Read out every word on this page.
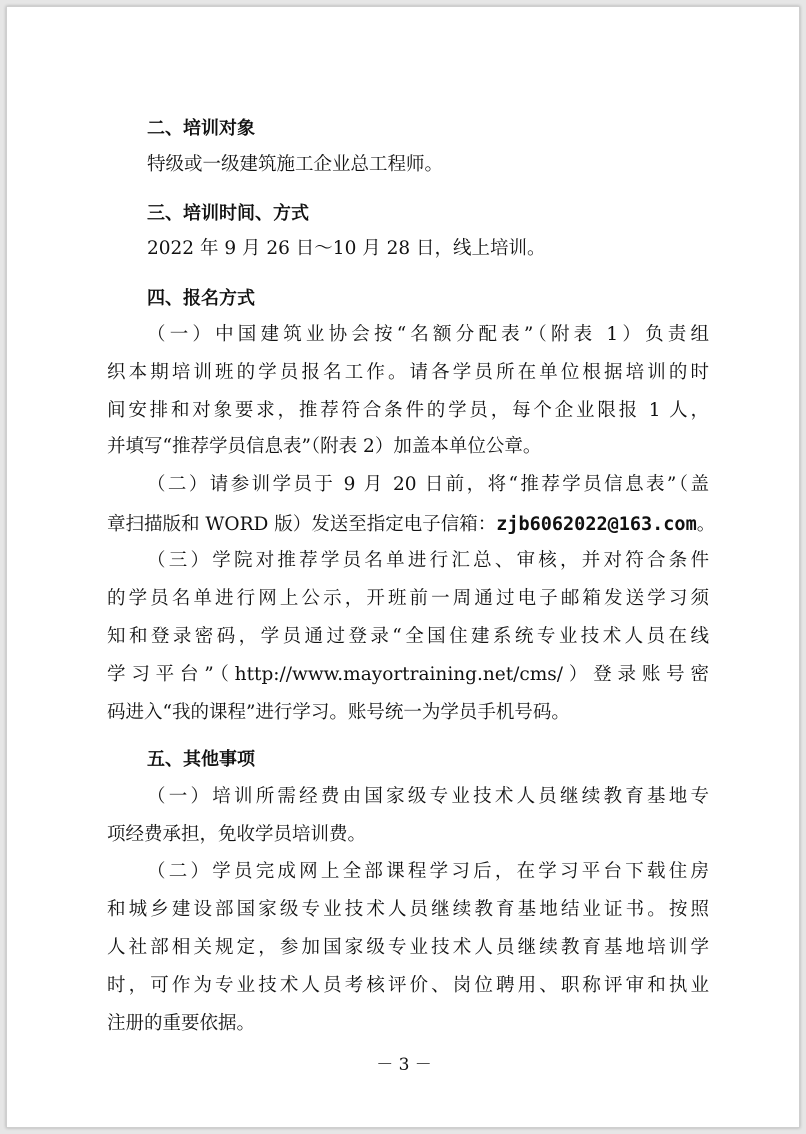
二、培训对象
特级或一级建筑施工企业总工程师。
三、培训时间、方式
2022 年 9 月 26 日～10 月 28 日，线上培训。
四、报名方式
（一）中国建筑业协会按“名额分配表”（附表 1）负责组
织本期培训班的学员报名工作。请各学员所在单位根据培训的时
间安排和对象要求，推荐符合条件的学员，每个企业限报 1 人，
并填写“推荐学员信息表”（附表 2）加盖本单位公章。
（二）请参训学员于 9 月 20 日前，将“推荐学员信息表”（盖
章扫描版和 WORD 版）发送至指定电子信箱：zjb6062022@163.com。
（三）学院对推荐学员名单进行汇总、审核，并对符合条件
的学员名单进行网上公示，开班前一周通过电子邮箱发送学习须
知和登录密码，学员通过登录“全国住建系统专业技术人员在线
学习平台”（http://www.mayortraining.net/cms/）登录账号密
码进入“我的课程”进行学习。账号统一为学员手机号码。
五、其他事项
（一）培训所需经费由国家级专业技术人员继续教育基地专
项经费承担，免收学员培训费。
（二）学员完成网上全部课程学习后，在学习平台下载住房
和城乡建设部国家级专业技术人员继续教育基地结业证书。按照
人社部相关规定，参加国家级专业技术人员继续教育基地培训学
时，可作为专业技术人员考核评价、岗位聘用、职称评审和执业
注册的重要依据。
－ 3 －
